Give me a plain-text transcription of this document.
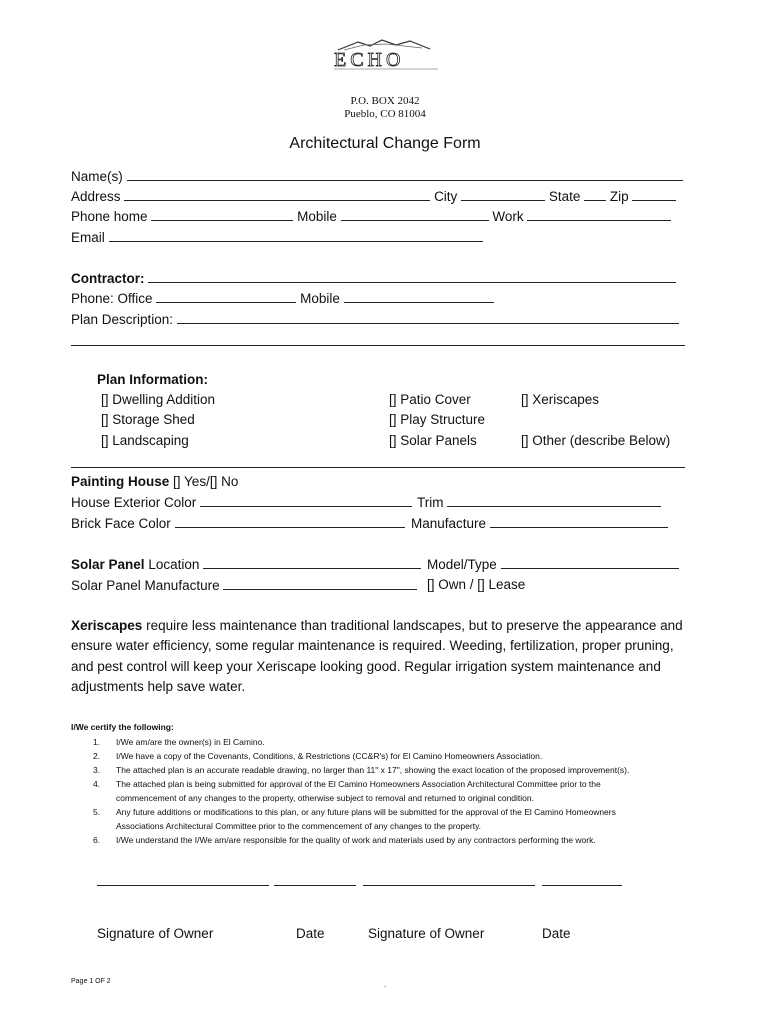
ECHO
P.O. BOX 2042
Pueblo, CO 81004
Architectural Change Form
Name(s)
Address	City	State Zip
Phone home	Mobile	Work
Email
Contractor:
Phone: Office	Mobile
Plan Description:
Plan Information:
[] Dwelling Addition	[] Patio Cover	[] Xeriscapes
[] Storage Shed	[] Play Structure
[] Landscaping	[] Solar Panels	[] Other (describe Below)
Painting House [] Yes/[] No
House Exterior Color	Trim
Brick Face Color	Manufacture
Solar Panel Location	Model/Type
Solar Panel Manufacture	[] Own / [] Lease
Xeriscapes require less maintenance than traditional landscapes, but to preserve the appearance and
ensure water efficiency, some regular maintenance is required. Weeding, fertilization, proper pruning,
and pest control will keep your Xeriscape looking good. Regular irrigation system maintenance and
adjustments help save water.
I/We certify the following:
1. I/We am/are the owner(s) in El Camino.
2. I/We have a copy of the Covenants, Conditions, & Restrictions (CC&R's) for El Camino Homeowners Association.
3. The attached plan is an accurate readable drawing, no larger than 11" x 17", showing the exact location of the proposed improvement(s).
4. The attached plan is being submitted for approval of the El Camino Homeowners Association Architectural Committee prior to the
commencement of any changes to the property, otherwise subject to removal and returned to original condition.
5. Any future additions or modifications to this plan, or any future plans will be submitted for the approval of the El Camino Homeowners
Associations Architectural Committee prior to the commencement of any changes to the property.
6. I/We understand the I/We am/are responsible for the quality of work and materials used by any contractors performing the work.
Signature of Owner	Date	Signature of Owner	Date
Page 1 OF 2	.
